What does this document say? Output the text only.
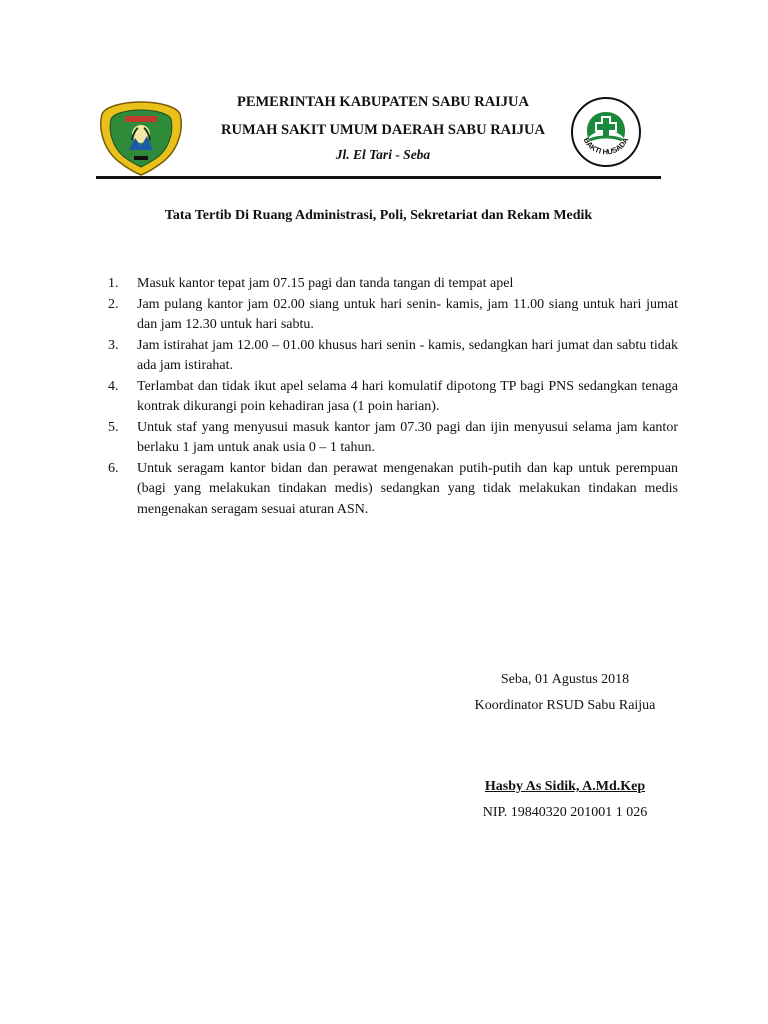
PEMERINTAH KABUPATEN SABU RAIJUA
RUMAH SAKIT UMUM DAERAH SABU RAIJUA
Jl. El Tari - Seba
BAKTI HUSADA
Tata Tertib Di Ruang Administrasi, Poli, Sekretariat dan Rekam Medik
1.	Masuk kantor tepat jam 07.15 pagi dan tanda tangan di tempat apel
2.	Jam pulang kantor jam 02.00 siang untuk hari senin- kamis, jam 11.00 siang untuk hari jumat dan jam 12.30 untuk hari sabtu.
3.	Jam istirahat jam 12.00 – 01.00 khusus hari senin - kamis, sedangkan hari jumat dan sabtu tidak ada jam istirahat.
4.	Terlambat dan tidak ikut apel selama 4 hari komulatif dipotong TP bagi PNS sedangkan tenaga kontrak dikurangi poin kehadiran jasa (1 poin harian).
5.	Untuk staf yang menyusui masuk kantor jam 07.30 pagi dan ijin menyusui selama jam kantor berlaku 1 jam untuk anak usia 0 – 1 tahun.
6.	Untuk seragam kantor bidan dan perawat mengenakan putih-putih dan kap untuk perempuan (bagi yang melakukan tindakan medis) sedangkan yang tidak melakukan tindakan medis mengenakan seragam sesuai aturan ASN.
Seba, 01 Agustus 2018
Koordinator RSUD Sabu Raijua
Hasby As Sidik, A.Md.Kep
NIP. 19840320 201001 1 026
